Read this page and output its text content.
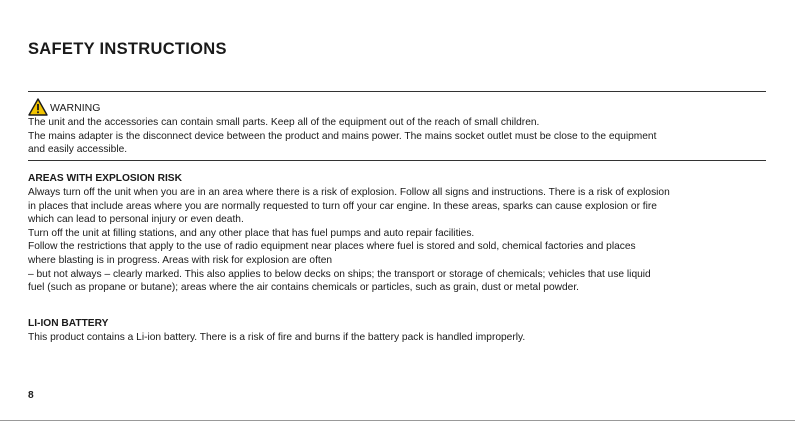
SAFETY INSTRUCTIONS
WARNING
The unit and the accessories can contain small parts. Keep all of the equipment out of the reach of small children.
The mains adapter is the disconnect device between the product and mains power. The mains socket outlet must be close to the equipment
and easily accessible.
AREAS WITH EXPLOSION RISK
Always turn off the unit when you are in an area where there is a risk of explosion. Follow all signs and instructions. There is a risk of explosion
in places that include areas where you are normally requested to turn off your car engine. In these areas, sparks can cause explosion or fire
which can lead to personal injury or even death.
Turn off the unit at filling stations, and any other place that has fuel pumps and auto repair facilities.
Follow the restrictions that apply to the use of radio equipment near places where fuel is stored and sold, chemical factories and places
where blasting is in progress. Areas with risk for explosion are often
– but not always – clearly marked. This also applies to below decks on ships; the transport or storage of chemicals; vehicles that use liquid
fuel (such as propane or butane); areas where the air contains chemicals or particles, such as grain, dust or metal powder.
LI-ION BATTERY
This product contains a Li-ion battery. There is a risk of fire and burns if the battery pack is handled improperly.
8
